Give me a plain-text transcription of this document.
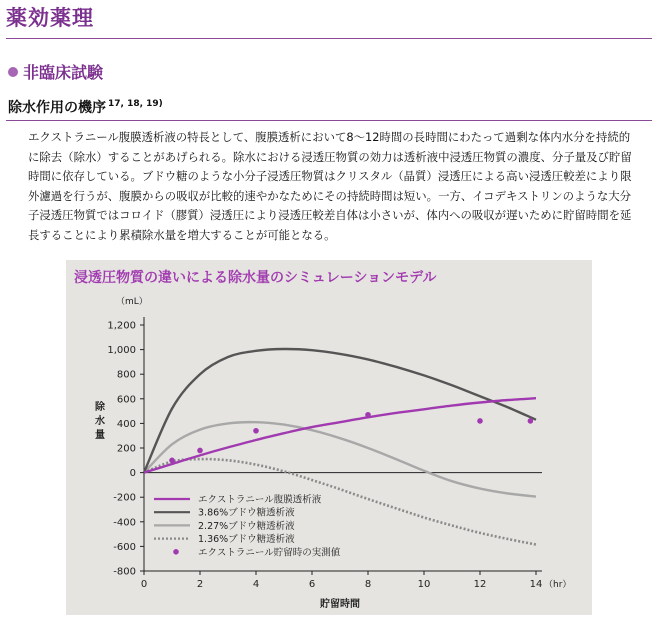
薬効薬理
非臨床試験
除水作用の機序 $^{17, 18, 19)}$
エクストラニール腹膜透析液の特長として、腹膜透析において8～12時間の長時間にわたって過剰な体内水分を持続的に除去（除水）することがあげられる。除水における浸透圧物質の効力は透析液中浸透圧物質の濃度、分子量及び貯留時間に依存している。ブドウ糖のような小分子浸透圧物質はクリスタル（晶質）浸透圧による高い浸透圧較差により限外濾過を行うが、腹膜からの吸収が比較的速やかなためにその持続時間は短い。一方、イコデキストリンのような大分子浸透圧物質ではコロイド（膠質）浸透圧により浸透圧較差自体は小さいが、体内への吸収が遅いために貯留時間を延長することにより累積除水量を増大することが可能となる。
浸透圧物質の違いによる除水量のシミュレーションモデル
（mL）
-800
-600
-400
-200
0
200
400
600
800
1,000
1,200
0	2	4	6	8	10	12	14 （hr）
貯留時間
除
水
量
エクストラニール腹膜透析液
3.86%ブドウ糖透析液
2.27%ブドウ糖透析液
1.36%ブドウ糖透析液
エクストラニール貯留時の実測値
